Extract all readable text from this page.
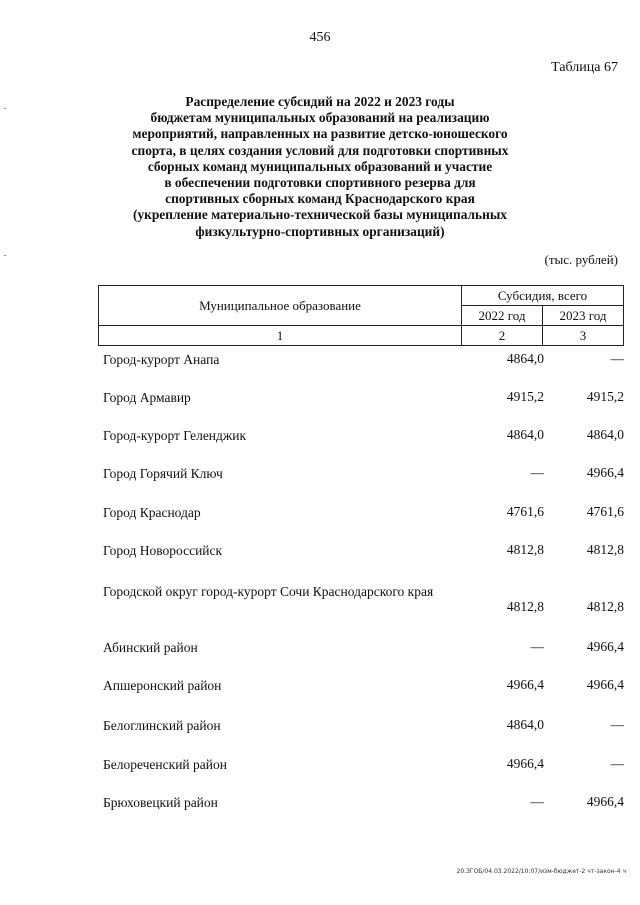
456
Таблица 67
Распределение субсидий на 2022 и 2023 годы
бюджетам муниципальных образований на реализацию
мероприятий, направленных на развитие детско-юношеского
спорта, в целях создания условий для подготовки спортивных
сборных команд муниципальных образований и участие
в обеспечении подготовки спортивного резерва для
спортивных сборных команд Краснодарского края
(укрепление материально-технической базы муниципальных
физкультурно-спортивных организаций)
(тыс. рублей)
Муниципальное образование	Субсидия, всего	
	2022 год	2023 год
1	2	3
Город-курорт Анапа	4864,0	—
Город Армавир	4915,2	4915,2
Город-курорт Геленджик	4864,0	4864,0
Город Горячий Ключ	—	4966,4
Город Краснодар	4761,6	4761,6
Город Новороссийск	4812,8	4812,8
Городской округ город-курорт Сочи Краснодарского края
4812,8	4812,8
Абинский район	—	4966,4
Апшеронский район	4966,4	4966,4
Белоглинский район	4864,0	—
Белореченский район	4966,4	—
Брюховецкий район	—	4966,4
20.ЗГОБ/04.03.2022/10:07/изм-бюджет-2 чт-закон-4 ч
